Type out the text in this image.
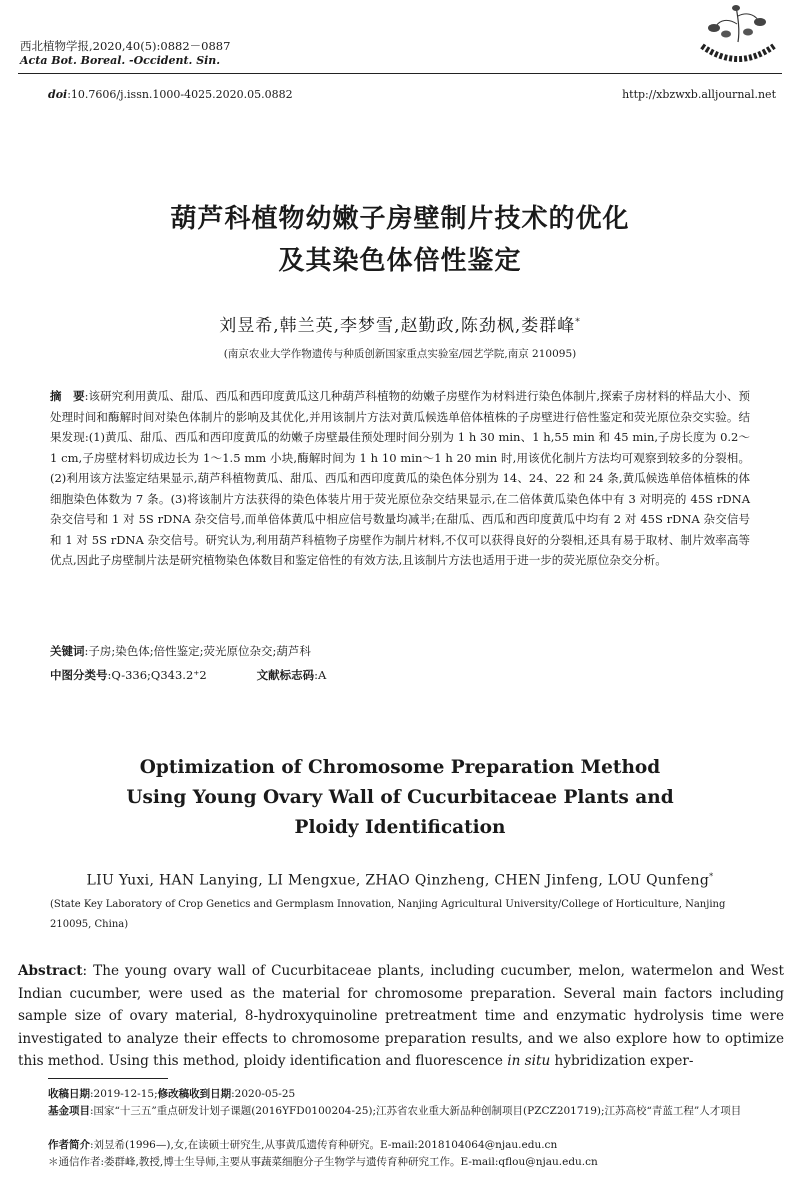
西北植物学报,2020,40(5):0882－0887
Acta Bot. Boreal. -Occident. Sin.
doi:10.7606/j.issn.1000-4025.2020.05.0882	http://xbzwxb.alljournal.net
葫芦科植物幼嫩子房壁制片技术的优化
及其染色体倍性鉴定
刘昱希,韩兰英,李梦雪,赵勤政,陈劲枫,娄群峰*
(南京农业大学作物遗传与种质创新国家重点实验室/园艺学院,南京 210095)
摘　要:该研究利用黄瓜、甜瓜、西瓜和西印度黄瓜这几种葫芦科植物的幼嫩子房壁作为材料进行染色体制片,探索子房材料的样品大小、预处理时间和酶解时间对染色体制片的影响及其优化,并用该制片方法对黄瓜候选单倍体植株的子房壁进行倍性鉴定和荧光原位杂交实验。结果发现:(1)黄瓜、甜瓜、西瓜和西印度黄瓜的幼嫩子房壁最佳预处理时间分别为 1 h 30 min、1 h,55 min 和 45 min,子房长度为 0.2～1 cm,子房壁材料切成边长为 1～1.5 mm 小块,酶解时间为 1 h 10 min～1 h 20 min 时,用该优化制片方法均可观察到较多的分裂相。(2)利用该方法鉴定结果显示,葫芦科植物黄瓜、甜瓜、西瓜和西印度黄瓜的染色体分别为 14、24、22 和 24 条,黄瓜候选单倍体植株的体细胞染色体数为 7 条。(3)将该制片方法获得的染色体装片用于荧光原位杂交结果显示,在二倍体黄瓜染色体中有 3 对明亮的 45S rDNA 杂交信号和 1 对 5S rDNA 杂交信号,而单倍体黄瓜中相应信号数量均减半;在甜瓜、西瓜和西印度黄瓜中均有 2 对 45S rDNA 杂交信号和 1 对 5S rDNA 杂交信号。研究认为,利用葫芦科植物子房壁作为制片材料,不仅可以获得良好的分裂相,还具有易于取材、制片效率高等优点,因此子房壁制片法是研究植物染色体数目和鉴定倍性的有效方法,且该制片方法也适用于进一步的荧光原位杂交分析。
关键词:子房;染色体;倍性鉴定;荧光原位杂交;葫芦科
中图分类号:Q-336;Q343.2⁺2	文献标志码:A
Optimization of Chromosome Preparation Method
Using Young Ovary Wall of Cucurbitaceae Plants and
Ploidy Identification
LIU Yuxi, HAN Lanying, LI Mengxue, ZHAO Qinzheng, CHEN Jinfeng, LOU Qunfeng*
(State Key Laboratory of Crop Genetics and Germplasm Innovation, Nanjing Agricultural University/College of Horticulture, Nanjing 210095, China)
Abstract: The young ovary wall of Cucurbitaceae plants, including cucumber, melon, watermelon and West Indian cucumber, were used as the material for chromosome preparation. Several main factors including sample size of ovary material, 8-hydroxyquinoline pretreatment time and enzymatic hydrolysis time were investigated to analyze their effects to chromosome preparation results, and we also explore how to optimize this method. Using this method, ploidy identification and fluorescence in situ hybridization exper-
收稿日期:2019-12-15;修改稿收到日期:2020-05-25
基金项目:国家“十三五”重点研发计划子课题(2016YFD0100204-25);江苏省农业重大新品种创制项目(PZCZ201719);江苏高校“青蓝工程”人才项目
作者简介:刘昱希(1996—),女,在读硕士研究生,从事黄瓜遗传育种研究。E-mail:2018104064@njau.edu.cn
＊通信作者:娄群峰,教授,博士生导师,主要从事蔬菜细胞分子生物学与遗传育种研究工作。E-mail:qflou@njau.edu.cn
